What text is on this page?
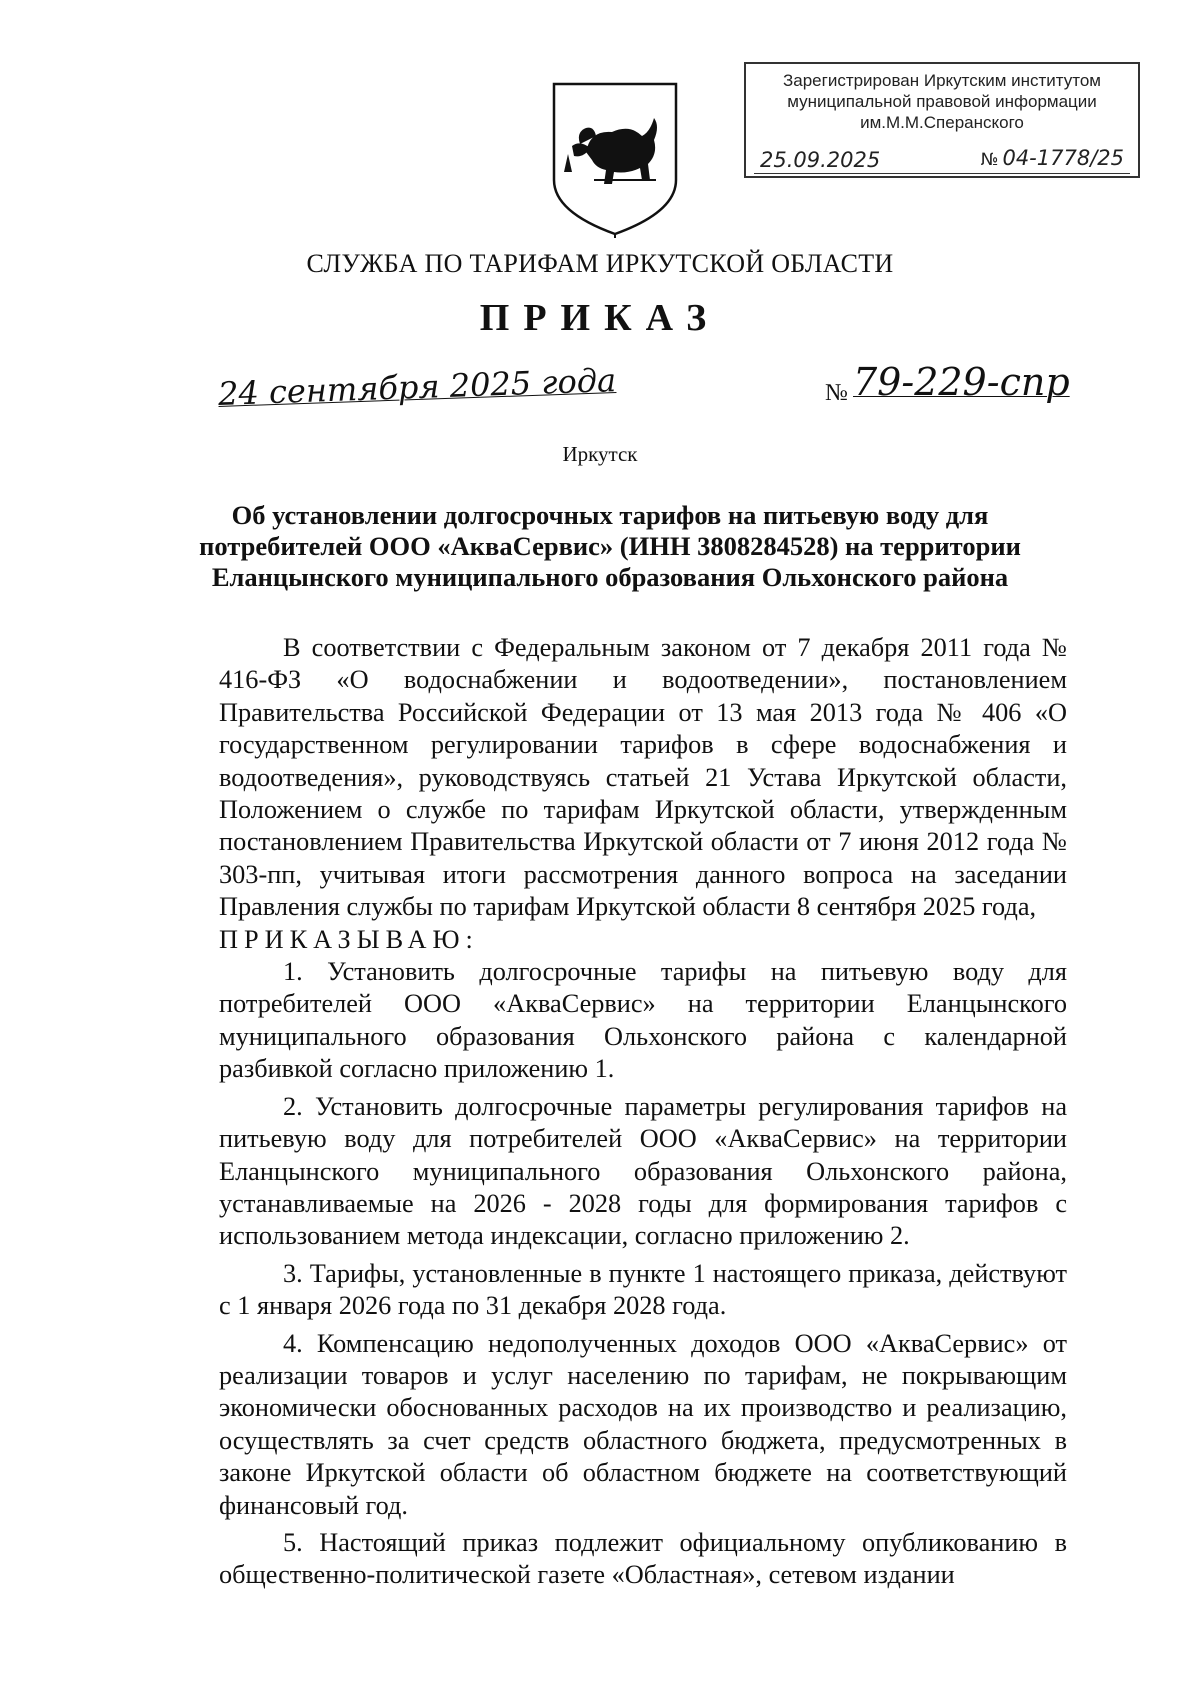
Зарегистрирован Иркутским институтом
муниципальной правовой информации
им.М.М.Сперанского
25.09.2025	№ 04-1778/25
СЛУЖБА ПО ТАРИФАМ ИРКУТСКОЙ ОБЛАСТИ
ПРИКАЗ
24 сентября 2025 года	№ 79-229-спр
Иркутск
Об установлении долгосрочных тарифов на питьевую воду для потребителей ООО «АкваСервис» (ИНН 3808284528) на территории Еланцынского муниципального образования Ольхонского района

В соответствии с Федеральным законом от 7 декабря 2011 года № 416-ФЗ «О водоснабжении и водоотведении», постановлением Правительства Российской Федерации от 13 мая 2013 года № 406 «О государственном регулировании тарифов в сфере водоснабжения и водоотведения», руководствуясь статьей 21 Устава Иркутской области, Положением о службе по тарифам Иркутской области, утвержденным постановлением Правительства Иркутской области от 7 июня 2012 года № 303-пп, учитывая итоги рассмотрения данного вопроса на заседании Правления службы по тарифам Иркутской области 8 сентября 2025 года,

ПРИКАЗЫВАЮ:

1. Установить долгосрочные тарифы на питьевую воду для потребителей ООО «АкваСервис» на территории Еланцынского муниципального образования Ольхонского района с календарной разбивкой согласно приложению 1.

2. Установить долгосрочные параметры регулирования тарифов на питьевую воду для потребителей ООО «АкваСервис» на территории Еланцынского муниципального образования Ольхонского района, устанавливаемые на 2026 - 2028 годы для формирования тарифов с использованием метода индексации, согласно приложению 2.

3. Тарифы, установленные в пункте 1 настоящего приказа, действуют с 1 января 2026 года по 31 декабря 2028 года.

4. Компенсацию недополученных доходов ООО «АкваСервис» от реализации товаров и услуг населению по тарифам, не покрывающим экономически обоснованных расходов на их производство и реализацию, осуществлять за счет средств областного бюджета, предусмотренных в законе Иркутской области об областном бюджете на соответствующий финансовый год.

5. Настоящий приказ подлежит официальному опубликованию в общественно-политической газете «Областная», сетевом издании
